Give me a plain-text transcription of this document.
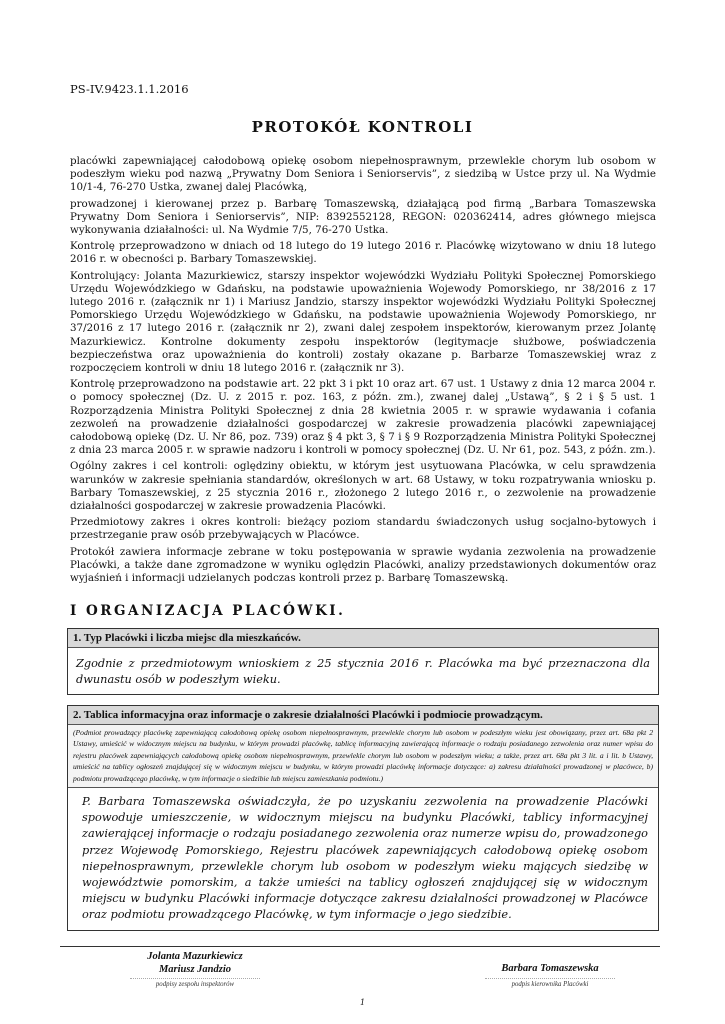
PS-IV.9423.1.1.2016
PROTOKÓŁ KONTROLI

placówki zapewniającej całodobową opiekę osobom niepełnosprawnym, przewlekle chorym lub osobom w podeszłym wieku pod nazwą „Prywatny Dom Seniora i Seniorservis”, z siedzibą w Ustce przy ul. Na Wydmie 10/1-4, 76-270 Ustka, zwanej dalej Placówką,

prowadzonej i kierowanej przez p. Barbarę Tomaszewską, działającą pod firmą „Barbara Tomaszewska Prywatny Dom Seniora i Seniorservis”, NIP: 8392552128, REGON: 020362414, adres głównego miejsca wykonywania działalności: ul. Na Wydmie 7/5, 76-270 Ustka.

Kontrolę przeprowadzono w dniach od 18 lutego do 19 lutego 2016 r. Placówkę wizytowano w dniu 18 lutego 2016 r. w obecności p. Barbary Tomaszewskiej.

Kontrolujący: Jolanta Mazurkiewicz, starszy inspektor wojewódzki Wydziału Polityki Społecznej Pomorskiego Urzędu Wojewódzkiego w Gdańsku, na podstawie upoważnienia Wojewody Pomorskiego, nr 38/2016 z 17 lutego 2016 r. (załącznik nr 1) i Mariusz Jandzio, starszy inspektor wojewódzki Wydziału Polityki Społecznej Pomorskiego Urzędu Wojewódzkiego w Gdańsku, na podstawie upoważnienia Wojewody Pomorskiego, nr 37/2016 z 17 lutego 2016 r. (załącznik nr 2), zwani dalej zespołem inspektorów, kierowanym przez Jolantę Mazurkiewicz. Kontrolne dokumenty zespołu inspektorów (legitymacje służbowe, poświadczenia bezpieczeństwa oraz upoważnienia do kontroli) zostały okazane p. Barbarze Tomaszewskiej wraz z rozpoczęciem kontroli w dniu 18 lutego 2016 r. (załącznik nr 3).

Kontrolę przeprowadzono na podstawie art. 22 pkt 3 i pkt 10 oraz art. 67 ust. 1 Ustawy z dnia 12 marca 2004 r. o pomocy społecznej (Dz. U. z 2015 r. poz. 163, z późn. zm.), zwanej dalej „Ustawą”, § 2 i § 5 ust. 1 Rozporządzenia Ministra Polityki Społecznej z dnia 28 kwietnia 2005 r. w sprawie wydawania i cofania zezwoleń na prowadzenie działalności gospodarczej w zakresie prowadzenia placówki zapewniającej całodobową opiekę (Dz. U. Nr 86, poz. 739) oraz § 4 pkt 3, § 7 i § 9 Rozporządzenia Ministra Polityki Społecznej z dnia 23 marca 2005 r. w sprawie nadzoru i kontroli w pomocy społecznej (Dz. U. Nr 61, poz. 543, z późn. zm.).

Ogólny zakres i cel kontroli: oględziny obiektu, w którym jest usytuowana Placówka, w celu sprawdzenia warunków w zakresie spełniania standardów, określonych w art. 68 Ustawy, w toku rozpatrywania wniosku p. Barbary Tomaszewskiej, z 25 stycznia 2016 r., złożonego 2 lutego 2016 r., o zezwolenie na prowadzenie działalności gospodarczej w zakresie prowadzenia Placówki.

Przedmiotowy zakres i okres kontroli: bieżący poziom standardu świadczonych usług socjalno-bytowych i przestrzeganie praw osób przebywających w Placówce.

Protokół zawiera informacje zebrane w toku postępowania w sprawie wydania zezwolenia na prowadzenie Placówki, a także dane zgromadzone w wyniku oględzin Placówki, analizy przedstawionych dokumentów oraz wyjaśnień i informacji udzielanych podczas kontroli przez p. Barbarę Tomaszewską.

I ORGANIZACJA PLACÓWKI.
1. Typ Placówki i liczba miejsc dla mieszkańców.
Zgodnie z przedmiotowym wnioskiem z 25 stycznia 2016 r. Placówka ma być przeznaczona dla dwunastu osób w podeszłym wieku.
2. Tablica informacyjna oraz informacje o zakresie działalności Placówki i podmiocie prowadzącym.
(Podmiot prowadzący placówkę zapewniającą całodobową opiekę osobom niepełnosprawnym, przewlekle chorym lub osobom w podeszłym wieku jest obowiązany, przez art. 68a pkt 2 Ustawy, umieścić w widocznym miejscu na budynku, w którym prowadzi placówkę, tablicę informacyjną zawierającą informacje o rodzaju posiadanego zezwolenia oraz numer wpisu do rejestru placówek zapewniających całodobową opiekę osobom niepełnosprawnym, przewlekle chorym lub osobom w podeszłym wieku; a także, przez art. 68a pkt 3 lit. a i lit. b Ustawy, umieścić na tablicy ogłoszeń znajdującej się w widocznym miejscu w budynku, w którym prowadzi placówkę informacje dotyczące: a) zakresu działalności prowadzonej w placówce, b) podmiotu prowadzącego placówkę, w tym informacje o siedzibie lub miejscu zamieszkania podmiotu.)
P. Barbara Tomaszewska oświadczyła, że po uzyskaniu zezwolenia na prowadzenie Placówki spowoduje umieszczenie, w widocznym miejscu na budynku Placówki, tablicy informacyjnej zawierającej informacje o rodzaju posiadanego zezwolenia oraz numerze wpisu do, prowadzonego przez Wojewodę Pomorskiego, Rejestru placówek zapewniających całodobową opiekę osobom niepełnosprawnym, przewlekle chorym lub osobom w podeszłym wieku mających siedzibę w województwie pomorskim, a także umieści na tablicy ogłoszeń znajdującej się w widocznym miejscu w budynku Placówki informacje dotyczące zakresu działalności prowadzonej w Placówce oraz podmiotu prowadzącego Placówkę, w tym informacje o jego siedzibie.
Jolanta Mazurkiewicz
Mariusz Jandzio	Barbara Tomaszewska
podpisy zespołu inspektorów	podpis kierownika Placówki
1
